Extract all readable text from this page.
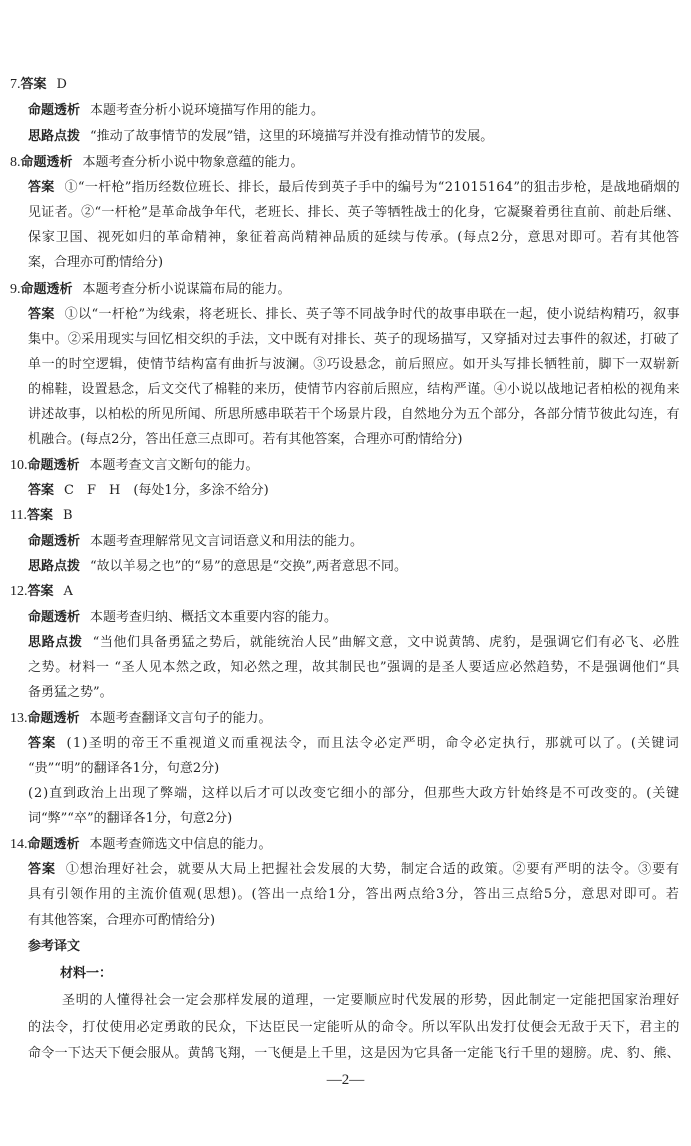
7.答案 D
命题透析 本题考查分析小说环境描写作用的能力。
思路点拨 “推动了故事情节的发展”错，这里的环境描写并没有推动情节的发展。
8.命题透析 本题考查分析小说中物象意蕴的能力。
答案 ①“一杆枪”指历经数位班长、排长，最后传到英子手中的编号为“21015164”的狙击步枪，是战地硝烟的
见证者。②“一杆枪”是革命战争年代，老班长、排长、英子等牺牲战士的化身，它凝聚着勇往直前、前赴后继、
保家卫国、视死如归的革命精神，象征着高尚精神品质的延续与传承。(每点2分，意思对即可。若有其他答
案，合理亦可酌情给分)
9.命题透析 本题考查分析小说谋篇布局的能力。
答案 ①以“一杆枪”为线索，将老班长、排长、英子等不同战争时代的故事串联在一起，使小说结构精巧，叙事
集中。②采用现实与回忆相交织的手法，文中既有对排长、英子的现场描写，又穿插对过去事件的叙述，打破了
单一的时空逻辑，使情节结构富有曲折与波澜。③巧设悬念，前后照应。如开头写排长牺牲前，脚下一双崭新
的棉鞋，设置悬念，后文交代了棉鞋的来历，使情节内容前后照应，结构严谨。④小说以战地记者柏松的视角来
讲述故事，以柏松的所见所闻、所思所感串联若干个场景片段，自然地分为五个部分，各部分情节彼此勾连，有
机融合。(每点2分，答出任意三点即可。若有其他答案，合理亦可酌情给分)
10.命题透析 本题考查文言文断句的能力。
答案 C　F　H　(每处1分，多涂不给分)
11.答案 B
命题透析 本题考查理解常见文言词语意义和用法的能力。
思路点拨 “故以羊易之也”的“易”的意思是“交换”,两者意思不同。
12.答案 A
命题透析 本题考查归纳、概括文本重要内容的能力。
思路点拨 “当他们具备勇猛之势后，就能统治人民”曲解文意，文中说黄鹄、虎豹，是强调它们有必飞、必胜
之势。材料一 “圣人见本然之政，知必然之理，故其制民也”强调的是圣人要适应必然趋势，不是强调他们“具
备勇猛之势”。
13.命题透析 本题考查翻译文言句子的能力。
答案 (1)圣明的帝王不重视道义而重视法令，而且法令必定严明，命令必定执行，那就可以了。(关键词
“贵”“明”的翻译各1分，句意2分)
(2)直到政治上出现了弊端，这样以后才可以改变它细小的部分，但那些大政方针始终是不可改变的。(关键
词“弊”“卒”的翻译各1分，句意2分)
14.命题透析 本题考查筛选文中信息的能力。
答案 ①想治理好社会，就要从大局上把握社会发展的大势，制定合适的政策。②要有严明的法令。③要有
具有引领作用的主流价值观(思想)。(答出一点给1分，答出两点给3分，答出三点给5分，意思对即可。若
有其他答案，合理亦可酌情给分)
参考译文
材料一：
圣明的人懂得社会一定会那样发展的道理，一定要顺应时代发展的形势，因此制定一定能把国家治理好
的法令，打仗使用必定勇敢的民众，下达臣民一定能听从的命令。所以军队出发打仗便会无敌于天下，君主的
命令一下达天下便会服从。黄鹄飞翔，一飞便是上千里，这是因为它具备一定能飞行千里的翅膀。虎、豹、熊、
—2—
